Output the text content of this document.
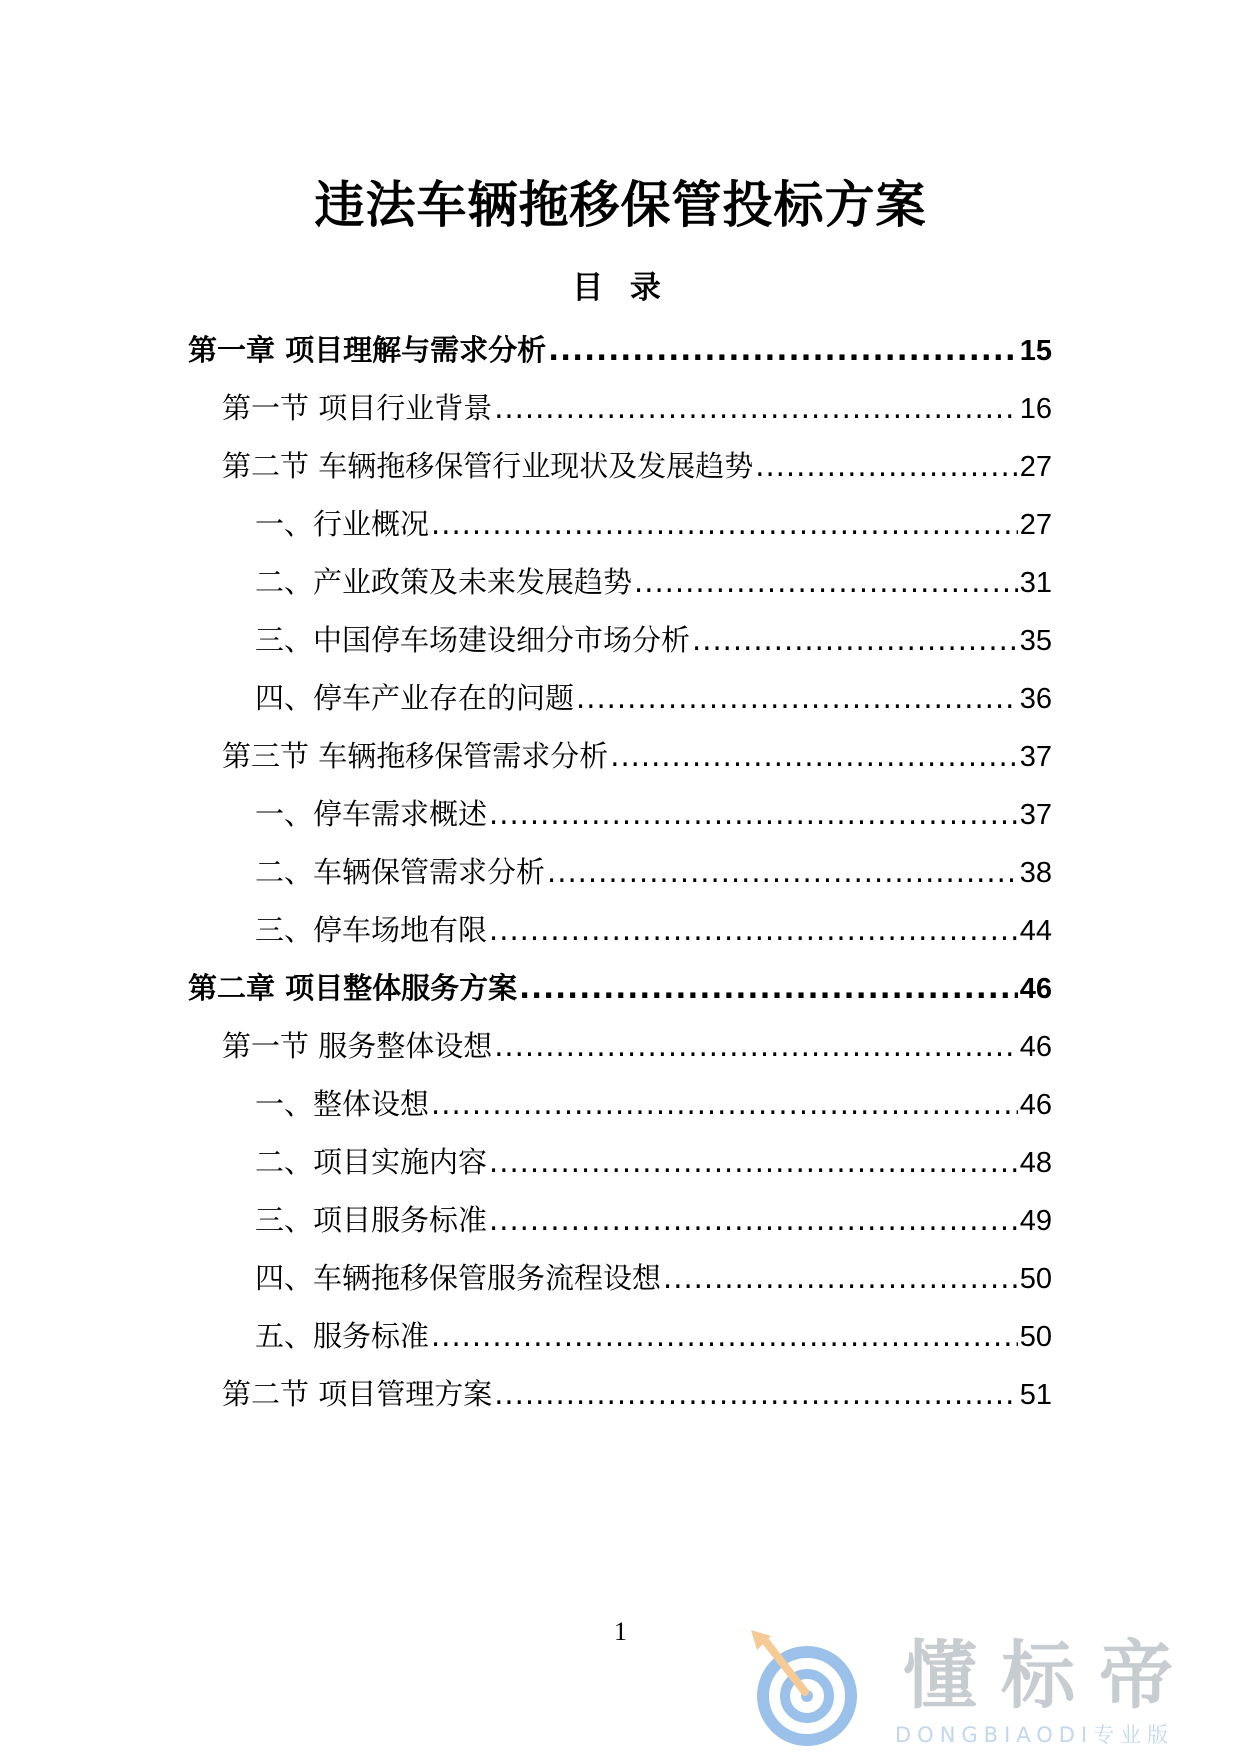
违法车辆拖移保管投标方案
目 录
第一章 项目理解与需求分析 .....	15
第一节 项目行业背景 .....	16
第二节 车辆拖移保管行业现状及发展趋势 .....	27
一、行业概况 .....	27
二、产业政策及未来发展趋势 .....	31
三、中国停车场建设细分市场分析 .....	35
四、停车产业存在的问题 .....	36
第三节 车辆拖移保管需求分析 .....	37
一、停车需求概述 .....	37
二、车辆保管需求分析 .....	38
三、停车场地有限 .....	44
第二章 项目整体服务方案 .....	46
第一节 服务整体设想 .....	46
一、整体设想 .....	46
二、项目实施内容 .....	48
三、项目服务标准 .....	49
四、车辆拖移保管服务流程设想 .....	50
五、服务标准 .....	50
第二节 项目管理方案 .....	51
1
懂标帝
DONGBIAODI专业版
